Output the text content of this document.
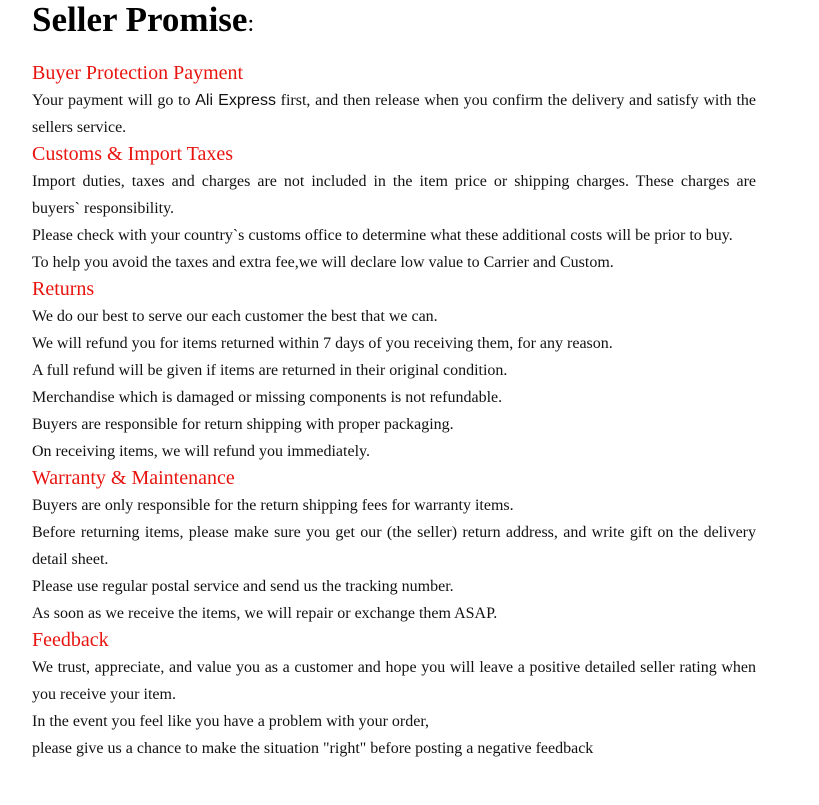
Seller Promise:
Buyer Protection Payment

Your payment will go to Ali Express first, and then release when you confirm the delivery and satisfy with the sellers service.

Customs & Import Taxes

Import duties, taxes and charges are not included in the item price or shipping charges. These charges are buyers` responsibility.

Please check with your country`s customs office to determine what these additional costs will be prior to buy.

To help you avoid the taxes and extra fee,we will declare low value to Carrier and Custom.

Returns

We do our best to serve our each customer the best that we can.

We will refund you for items returned within 7 days of you receiving them, for any reason.

A full refund will be given if items are returned in their original condition.

Merchandise which is damaged or missing components is not refundable.

Buyers are responsible for return shipping with proper packaging.

On receiving items, we will refund you immediately.

Warranty & Maintenance

Buyers are only responsible for the return shipping fees for warranty items.

Before returning items, please make sure you get our (the seller) return address, and write gift on the delivery detail sheet.

Please use regular postal service and send us the tracking number.

As soon as we receive the items, we will repair or exchange them ASAP.

Feedback

We trust, appreciate, and value you as a customer and hope you will leave a positive detailed seller rating when you receive your item.

In the event you feel like you have a problem with your order,

please give us a chance to make the situation "right" before posting a negative feedback
